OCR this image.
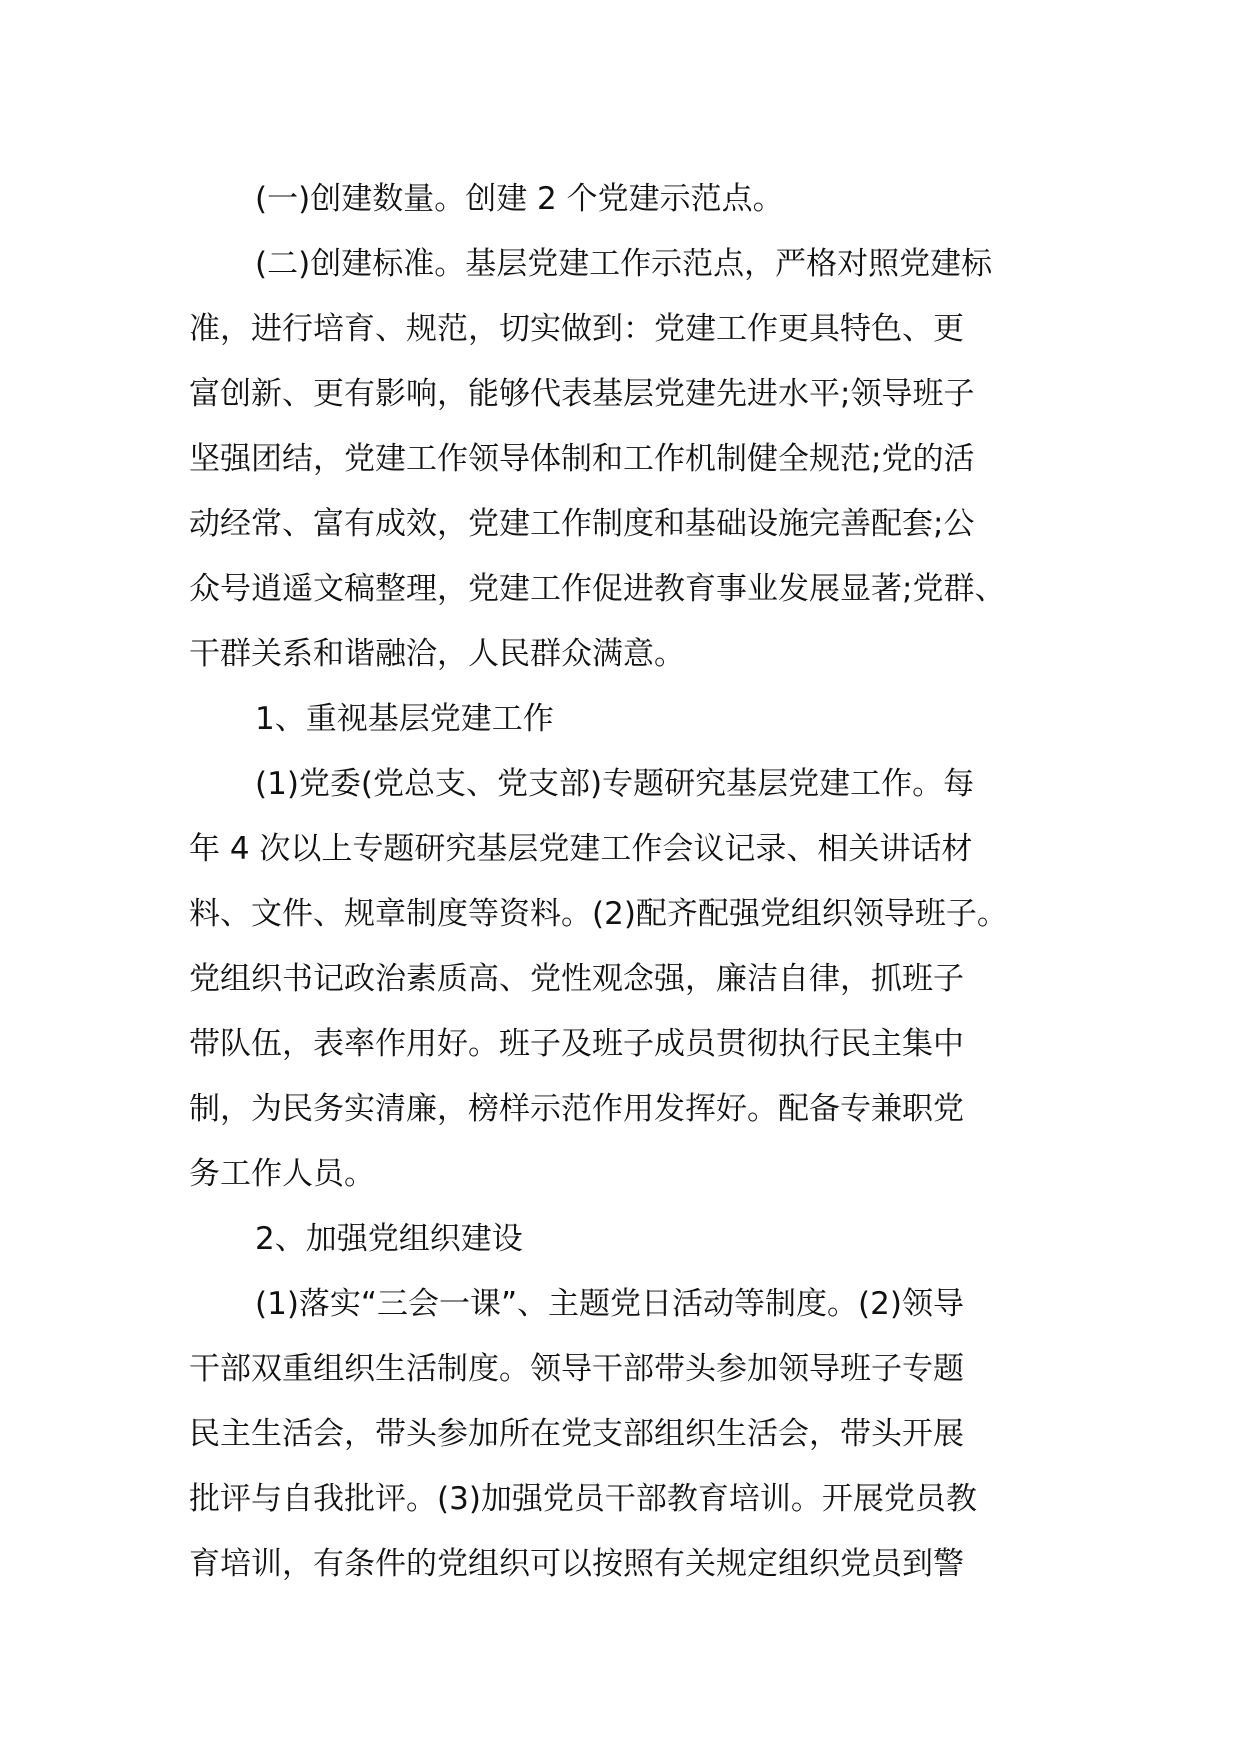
(一)创建数量。创建 2 个党建示范点。
(二)创建标准。基层党建工作示范点，严格对照党建标
准，进行培育、规范，切实做到：党建工作更具特色、更
富创新、更有影响，能够代表基层党建先进水平;领导班子
坚强团结，党建工作领导体制和工作机制健全规范;党的活
动经常、富有成效，党建工作制度和基础设施完善配套;公
众号逍遥文稿整理，党建工作促进教育事业发展显著;党群、
干群关系和谐融洽，人民群众满意。
1、重视基层党建工作
(1)党委(党总支、党支部)专题研究基层党建工作。每
年 4 次以上专题研究基层党建工作会议记录、相关讲话材
料、文件、规章制度等资料。(2)配齐配强党组织领导班子。
党组织书记政治素质高、党性观念强，廉洁自律，抓班子
带队伍，表率作用好。班子及班子成员贯彻执行民主集中
制，为民务实清廉，榜样示范作用发挥好。配备专兼职党
务工作人员。
2、加强党组织建设
(1)落实“三会一课”、主题党日活动等制度。(2)领导
干部双重组织生活制度。领导干部带头参加领导班子专题
民主生活会，带头参加所在党支部组织生活会，带头开展
批评与自我批评。(3)加强党员干部教育培训。开展党员教
育培训，有条件的党组织可以按照有关规定组织党员到警
